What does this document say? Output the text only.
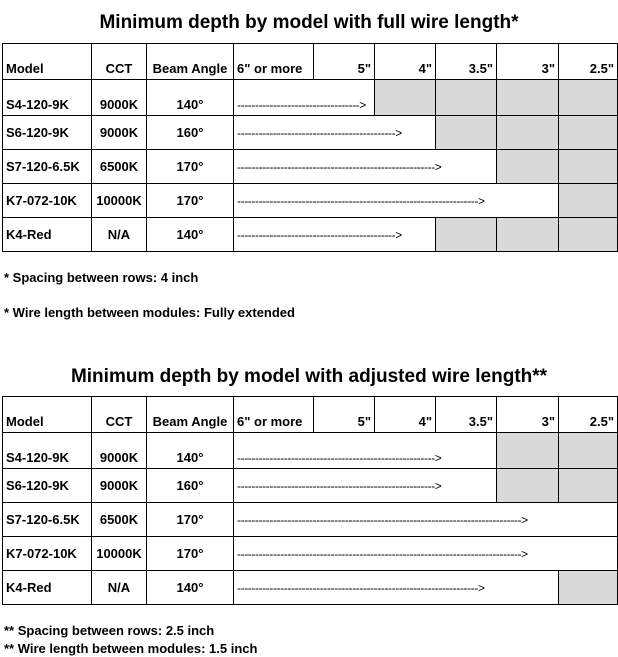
Minimum depth by model with full wire length*
Model	CCT	Beam Angle	6" or more	5"	4"	3.5"	3"	2.5"
S4-120-9K	9000K	140°	---------------------------------->					
S6-120-9K	9000K	160°	-------------------------------------------->					
S7-120-6.5K	6500K	170°	------------------------------------------------------->					
K7-072-10K	10000K	170°	------------------------------------------------------------------->					
K4-Red	N/A	140°	-------------------------------------------->					
* Spacing between rows: 4 inch
* Wire length between modules: Fully extended
Minimum depth by model with adjusted wire length**
Model	CCT	Beam Angle	6" or more	5"	4"	3.5"	3"	2.5"
S4-120-9K	9000K	140°	------------------------------------------------------->					
S6-120-9K	9000K	160°	------------------------------------------------------->					
S7-120-6.5K	6500K	170°	------------------------------------------------------------------------------->					
K7-072-10K	10000K	170°	------------------------------------------------------------------------------->					
K4-Red	N/A	140°	------------------------------------------------------------------->					
** Spacing between rows: 2.5 inch
** Wire length between modules: 1.5 inch
